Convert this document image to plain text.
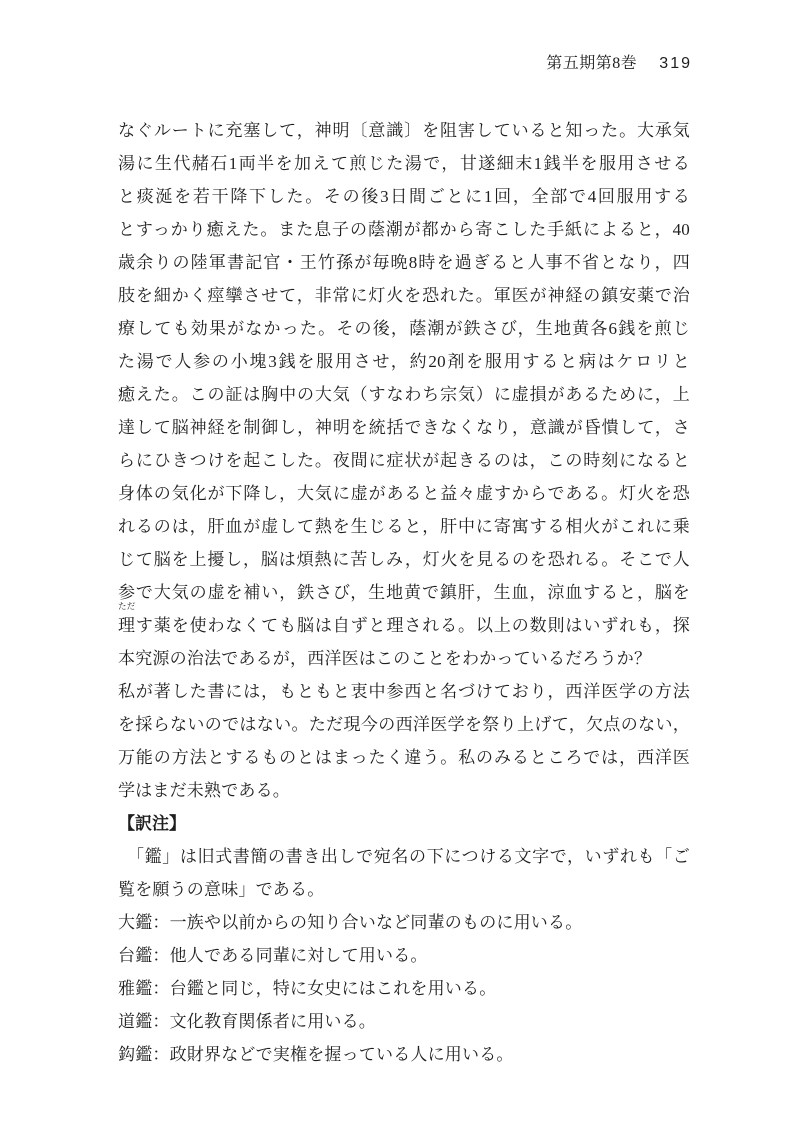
第五期第8巻 319
なぐルートに充塞して，神明〔意識〕を阻害していると知った。大承気
湯に生代赭石1両半を加えて煎じた湯で，甘遂細末1銭半を服用させる
と痰涎を若干降下した。その後3日間ごとに1回，全部で4回服用する
とすっかり癒えた。また息子の蔭潮が都から寄こした手紙によると，40
歳余りの陸軍書記官・王竹孫が毎晩8時を過ぎると人事不省となり，四
肢を細かく痙攣させて，非常に灯火を恐れた。軍医が神経の鎮安薬で治
療しても効果がなかった。その後，蔭潮が鉄さび，生地黄各6銭を煎じ
た湯で人参の小塊3銭を服用させ，約20剤を服用すると病はケロリと
癒えた。この証は胸中の大気（すなわち宗気）に虚損があるために，上
達して脳神経を制御し，神明を統括できなくなり，意識が昏憒して，さ
らにひきつけを起こした。夜間に症状が起きるのは，この時刻になると
身体の気化が下降し，大気に虚があると益々虚すからである。灯火を恐
れるのは，肝血が虚して熱を生じると，肝中に寄寓する相火がこれに乗
じて脳を上擾し，脳は煩熱に苦しみ，灯火を見るのを恐れる。そこで人
参で大気の虚を補い，鉄さび，生地黄で鎮肝，生血，涼血すると，脳を
ただ
理す薬を使わなくても脳は自ずと理される。以上の数則はいずれも，探
本究源の治法であるが，西洋医はこのことをわかっているだろうか？
私が著した書には，もともと衷中参西と名づけており，西洋医学の方法
を採らないのではない。ただ現今の西洋医学を祭り上げて，欠点のない，
万能の方法とするものとはまったく違う。私のみるところでは，西洋医
学はまだ未熟である。
【訳注】
「鑑」は旧式書簡の書き出しで宛名の下につける文字で，いずれも「ご
覧を願うの意味」である。
大鑑：一族や以前からの知り合いなど同輩のものに用いる。
台鑑：他人である同輩に対して用いる。
雅鑑：台鑑と同じ，特に女史にはこれを用いる。
道鑑：文化教育関係者に用いる。
鈎鑑：政財界などで実権を握っている人に用いる。
